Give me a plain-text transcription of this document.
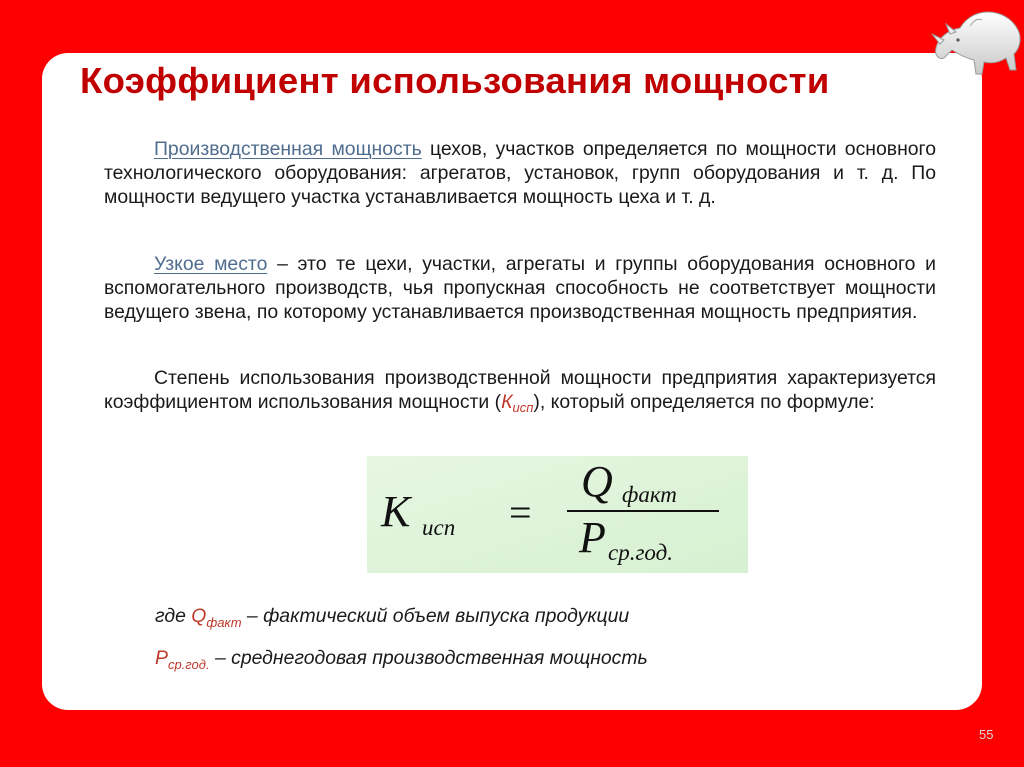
Коэффициент использования мощности

Производственная мощность цехов, участков определяется по мощности основного технологического оборудования: агрегатов, установок, групп оборудования и т. д. По мощности ведущего участка устанавливается мощность цеха и т. д.

Узкое место – это те цехи, участки, агрегаты и группы оборудования основного и вспомогательного производств, чья пропускная способность не соответствует мощности ведущего звена, по которому устанавливается производственная мощность предприятия.

Степень использования производственной мощности предприятия характеризуется коэффициентом использования мощности $(К_{исп})$, который определяется по формуле:

K исп =
Q факт
P ср.год.

где $Q_{факт}$ – фактический объем выпуска продукции

$P_{ср.год.}$ – среднегодовая производственная мощность

55
